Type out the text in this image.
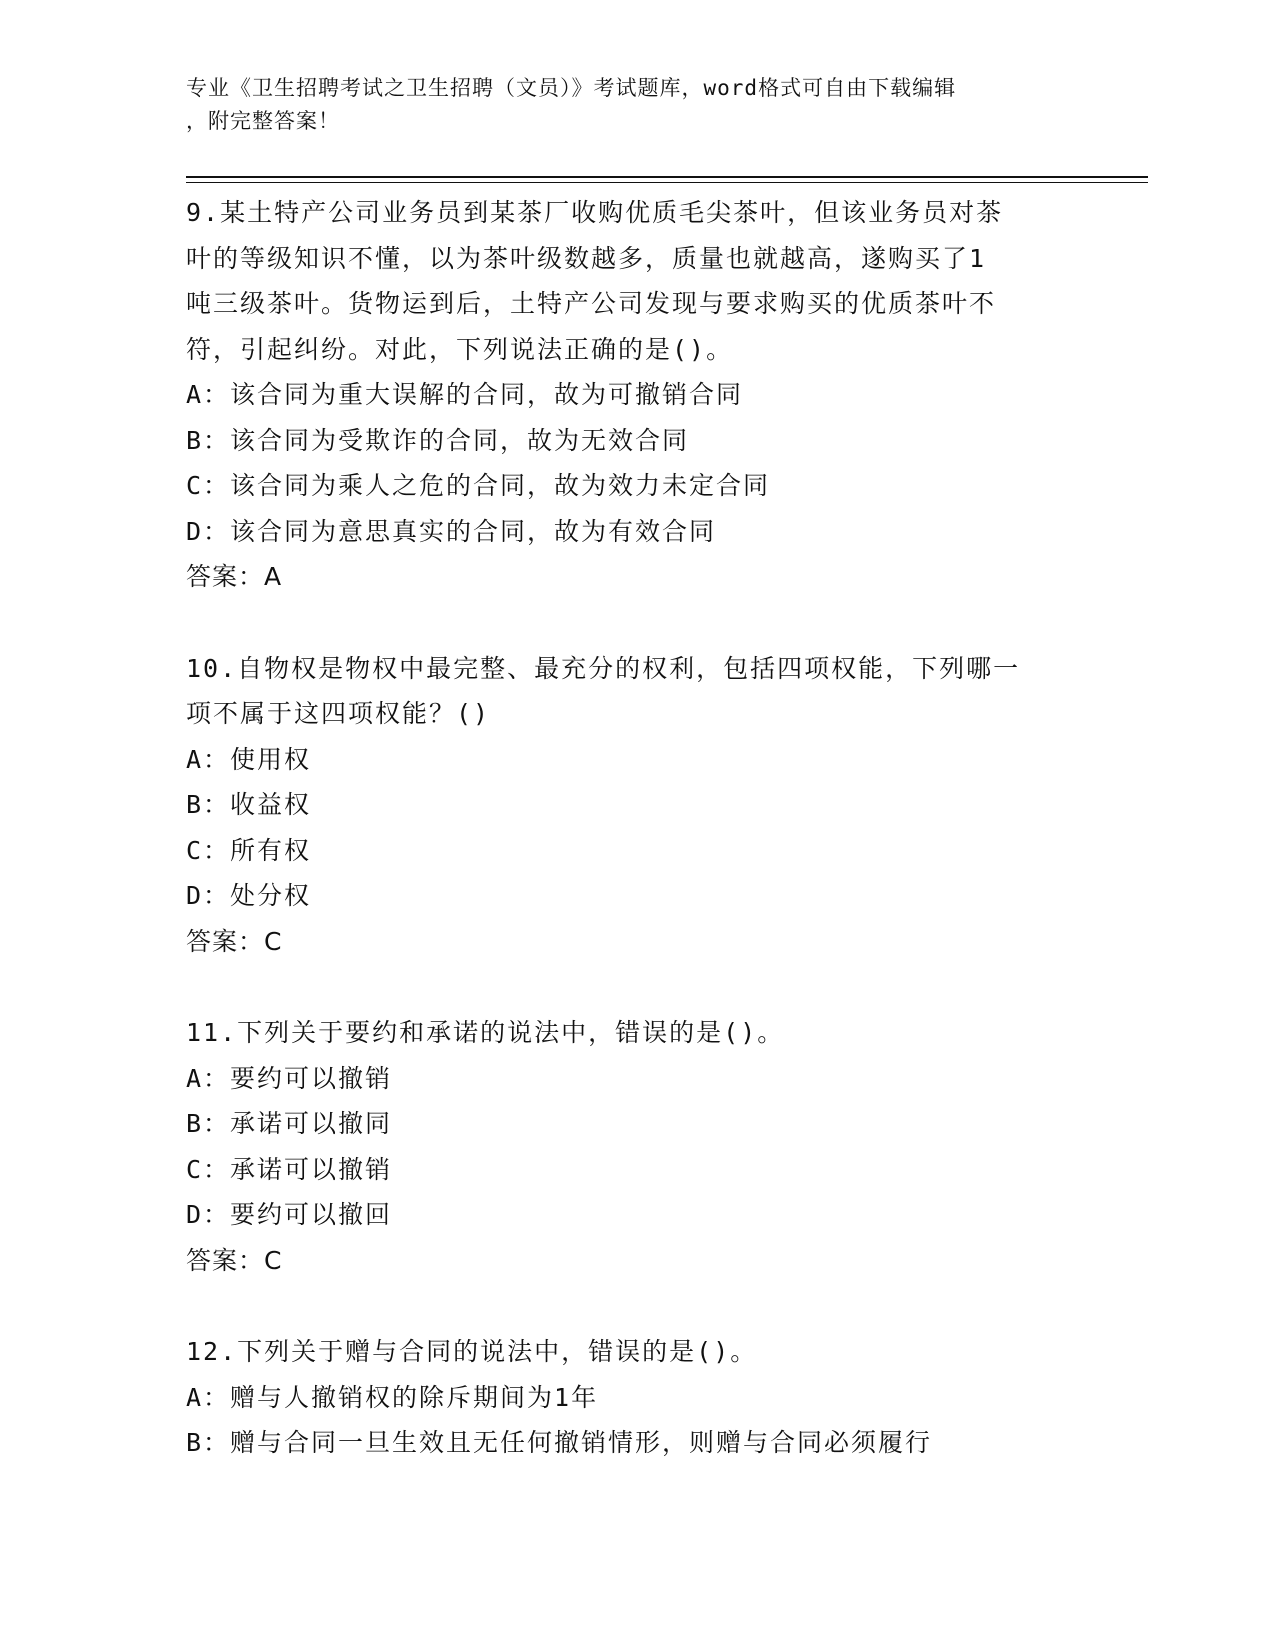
专业《卫生招聘考试之卫生招聘（文员）》考试题库，word格式可自由下载编辑
，附完整答案！

9.某土特产公司业务员到某茶厂收购优质毛尖茶叶，但该业务员对茶

叶的等级知识不懂，以为茶叶级数越多，质量也就越高，遂购买了1

吨三级茶叶。货物运到后，土特产公司发现与要求购买的优质茶叶不

符，引起纠纷。对此，下列说法正确的是()。

A：该合同为重大误解的合同，故为可撤销合同

B：该合同为受欺诈的合同，故为无效合同

C：该合同为乘人之危的合同，故为效力未定合同

D：该合同为意思真实的合同，故为有效合同

答案：A

10.自物权是物权中最完整、最充分的权利，包括四项权能，下列哪一

项不属于这四项权能？()

A：使用权

B：收益权

C：所有权

D：处分权

答案：C

11.下列关于要约和承诺的说法中，错误的是()。

A：要约可以撤销

B：承诺可以撤同

C：承诺可以撤销

D：要约可以撤回

答案：C

12.下列关于赠与合同的说法中，错误的是()。

A：赠与人撤销权的除斥期间为1年

B：赠与合同一旦生效且无任何撤销情形，则赠与合同必须履行
